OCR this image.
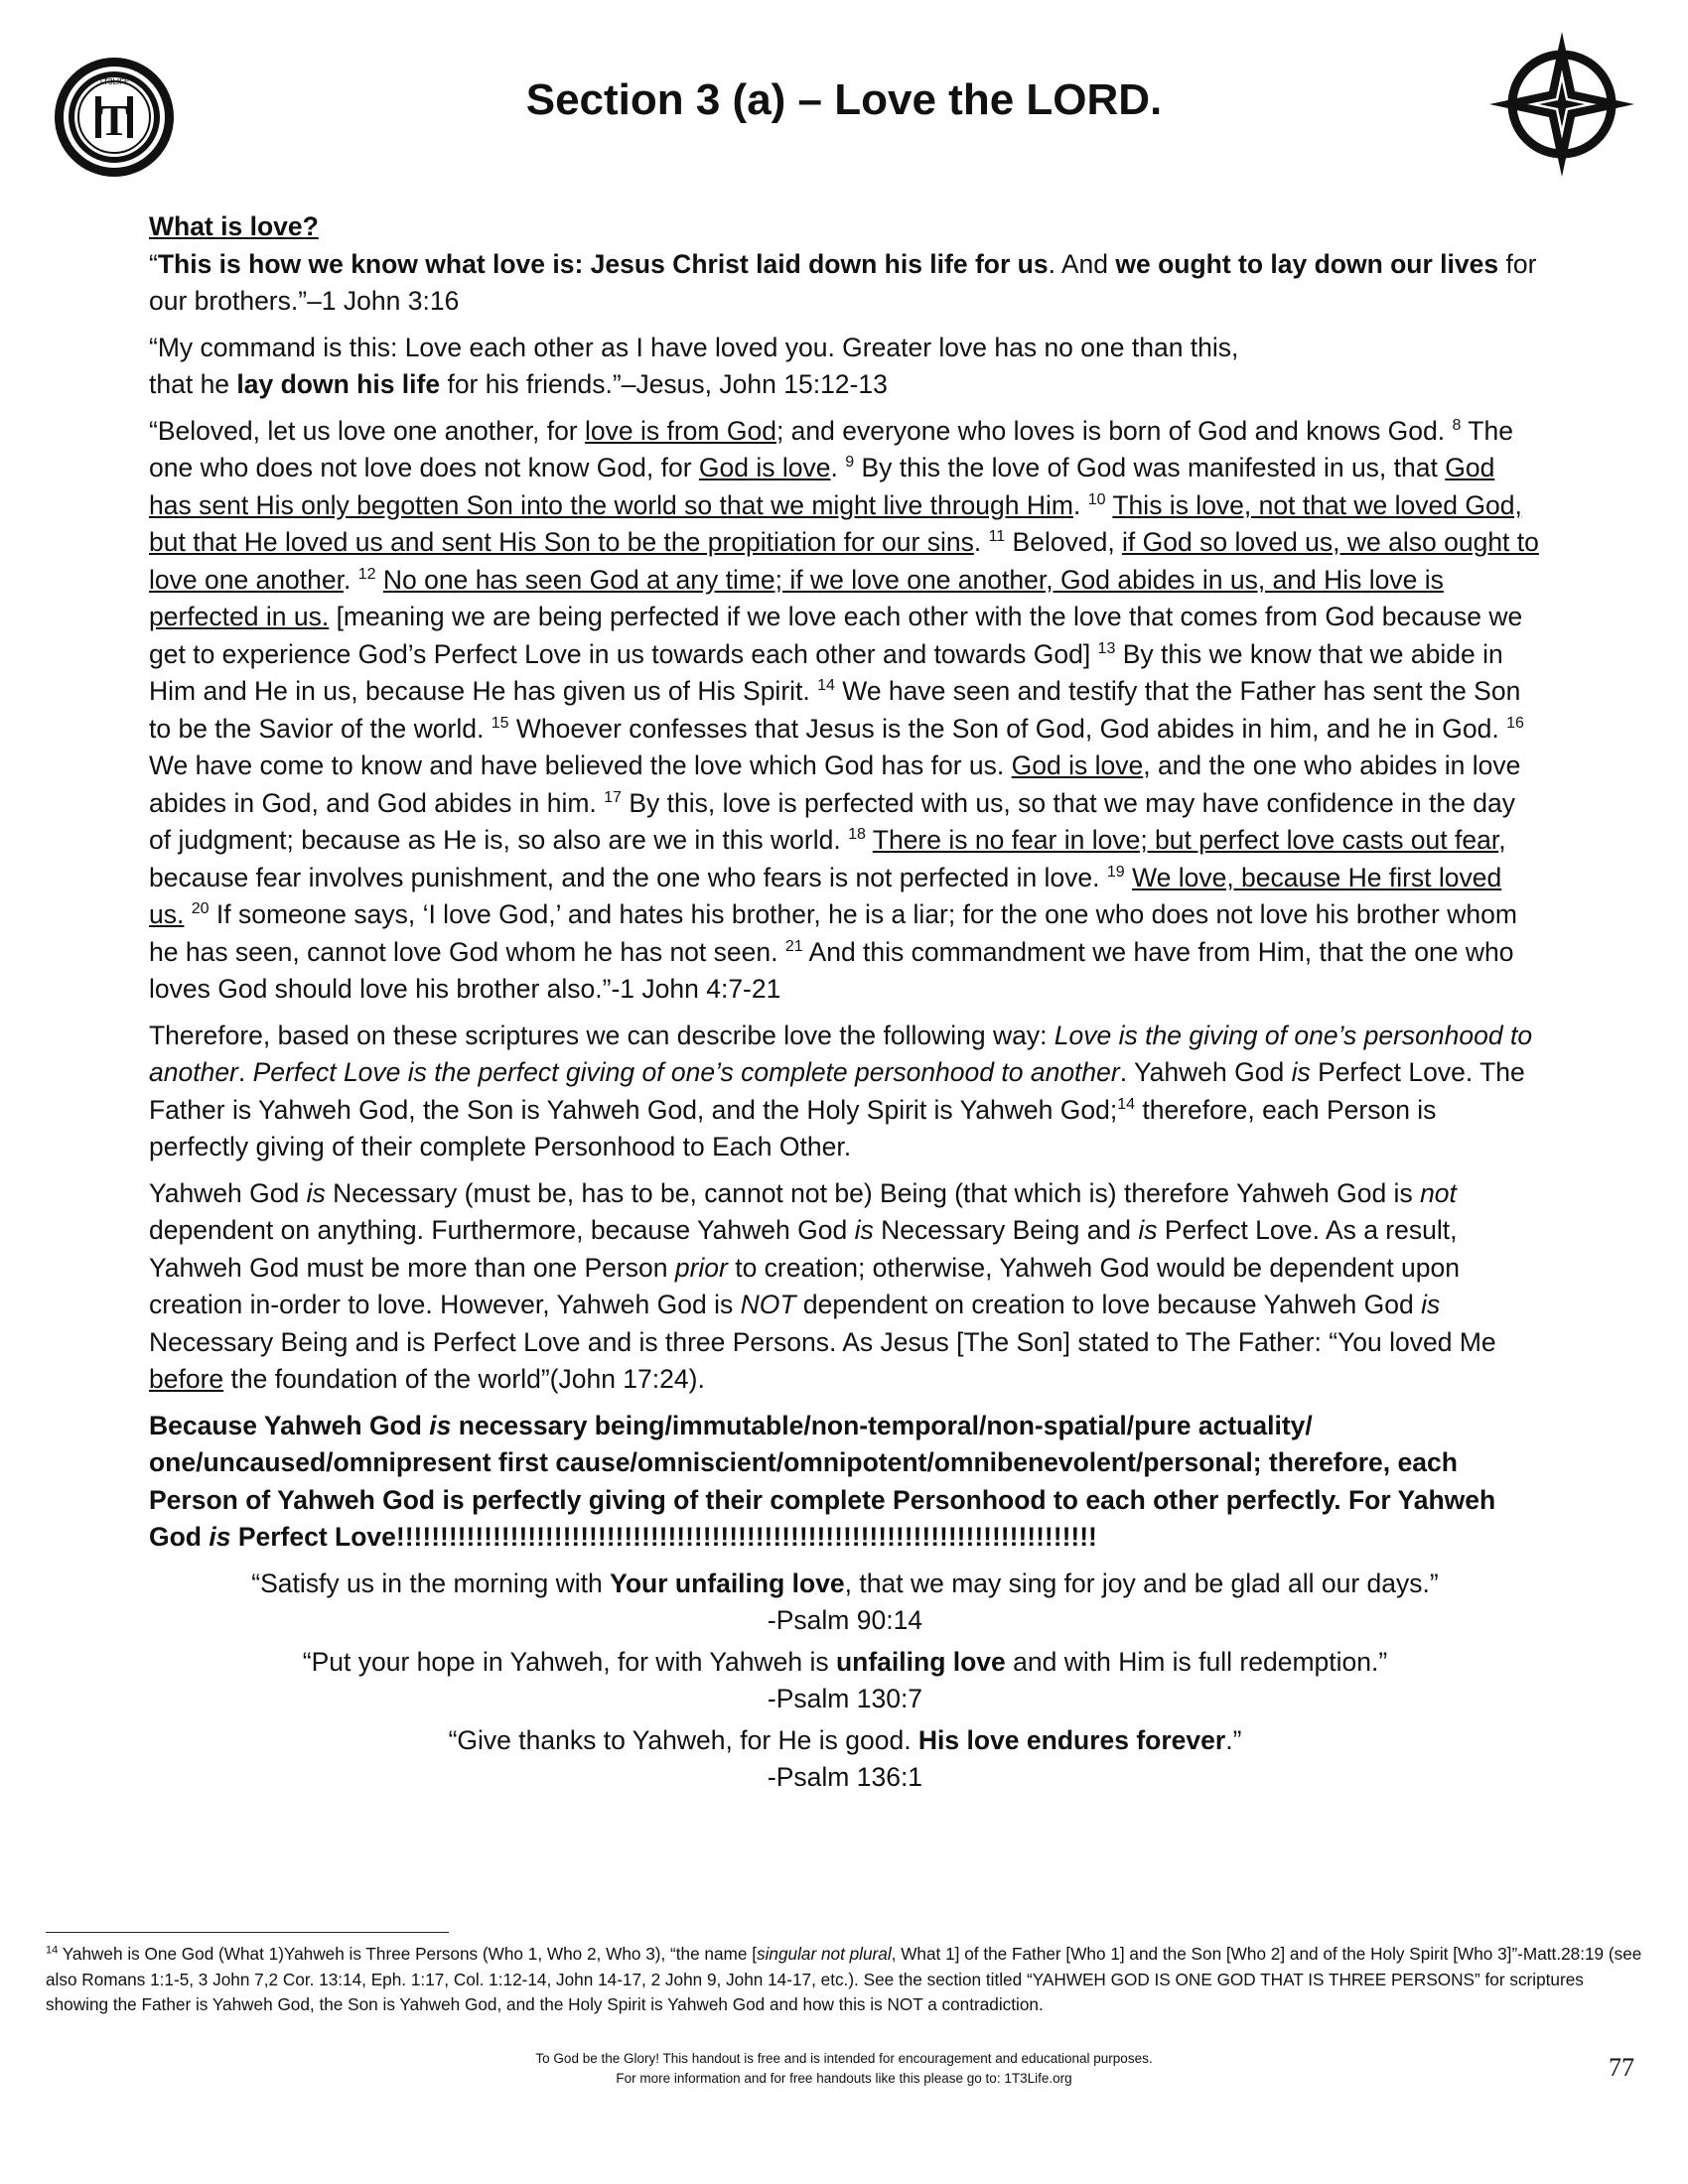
T
1T3LIFE	Section 3 (a) – Love the LORD.

What is love?

“This is how we know what love is: Jesus Christ laid down his life for us. And we ought to lay down our lives for our brothers.”–1 John 3:16

“My command is this: Love each other as I have loved you. Greater love has no one than this,
that he lay down his life for his friends.”–Jesus, John 15:12-13

“Beloved, let us love one another, for love is from God; and everyone who loves is born of God and knows God. $^8$ The one who does not love does not know God, for God is love. $^9$ By this the love of God was manifested in us, that God has sent His only begotten Son into the world so that we might live through Him. $^{10}$ This is love, not that we loved God, but that He loved us and sent His Son to be the propitiation for our sins. $^{11}$ Beloved, if God so loved us, we also ought to love one another. $^{12}$ No one has seen God at any time; if we love one another, God abides in us, and His love is perfected in us. [meaning we are being perfected if we love each other with the love that comes from God because we get to experience God’s Perfect Love in us towards each other and towards God] $^{13}$ By this we know that we abide in Him and He in us, because He has given us of His Spirit. $^{14}$ We have seen and testify that the Father has sent the Son to be the Savior of the world. $^{15}$ Whoever confesses that Jesus is the Son of God, God abides in him, and he in God. $^{16}$ We have come to know and have believed the love which God has for us. God is love, and the one who abides in love abides in God, and God abides in him. $^{17}$ By this, love is perfected with us, so that we may have confidence in the day of judgment; because as He is, so also are we in this world. $^{18}$ There is no fear in love; but perfect love casts out fear, because fear involves punishment, and the one who fears is not perfected in love. $^{19}$ We love, because He first loved us. $^{20}$ If someone says, ‘I love God,’ and hates his brother, he is a liar; for the one who does not love his brother whom he has seen, cannot love God whom he has not seen. $^{21}$ And this commandment we have from Him, that the one who loves God should love his brother also.”-1 John 4:7-21

Therefore, based on these scriptures we can describe love the following way: Love is the giving of one’s personhood to another. Perfect Love is the perfect giving of one’s complete personhood to another. Yahweh God is Perfect Love. The Father is Yahweh God, the Son is Yahweh God, and the Holy Spirit is Yahweh God;$^{14}$ therefore, each Person is perfectly giving of their complete Personhood to Each Other.

Yahweh God is Necessary (must be, has to be, cannot not be) Being (that which is) therefore Yahweh God is not dependent on anything. Furthermore, because Yahweh God is Necessary Being and is Perfect Love. As a result, Yahweh God must be more than one Person prior to creation; otherwise, Yahweh God would be dependent upon creation in-order to love. However, Yahweh God is NOT dependent on creation to love because Yahweh God is Necessary Being and is Perfect Love and is three Persons. As Jesus [The Son] stated to The Father: “You loved Me before the foundation of the world”(John 17:24).

Because Yahweh God is necessary being/immutable/non-temporal/non-spatial/pure actuality/ one/uncaused/omnipresent first cause/omniscient/omnipotent/omnibenevolent/personal; therefore, each Person of Yahweh God is perfectly giving of their complete Personhood to each other perfectly. For Yahweh God is Perfect Love!!!!!!!!!!!!!!!!!!!!!!!!!!!!!!!!!!!!!!!!!!!!!!!!!!!!!!!!!!!!!!!!!!!!!!!!!!!!!!!!

“Satisfy us in the morning with Your unfailing love, that we may sing for joy and be glad all our days.”

-Psalm 90:14

“Put your hope in Yahweh, for with Yahweh is unfailing love and with Him is full redemption.”

-Psalm 130:7

“Give thanks to Yahweh, for He is good. His love endures forever.”

-Psalm 136:1

$^{14}$ Yahweh is One God (What 1)Yahweh is Three Persons (Who 1, Who 2, Who 3), “the name [singular not plural, What 1] of the Father [Who 1] and the Son [Who 2] and of the Holy Spirit [Who 3]”-Matt.28:19 (see also Romans 1:1-5, 3 John 7,2 Cor. 13:14, Eph. 1:17, Col. 1:12-14, John 14-17, 2 John 9, John 14-17, etc.). See the section titled “YAHWEH GOD IS ONE GOD THAT IS THREE PERSONS” for scriptures showing the Father is Yahweh God, the Son is Yahweh God, and the Holy Spirit is Yahweh God and how this is NOT a contradiction.

To God be the Glory! This handout is free and is intended for encouragement and educational purposes.
For more information and for free handouts like this please go to: 1T3Life.org	77
